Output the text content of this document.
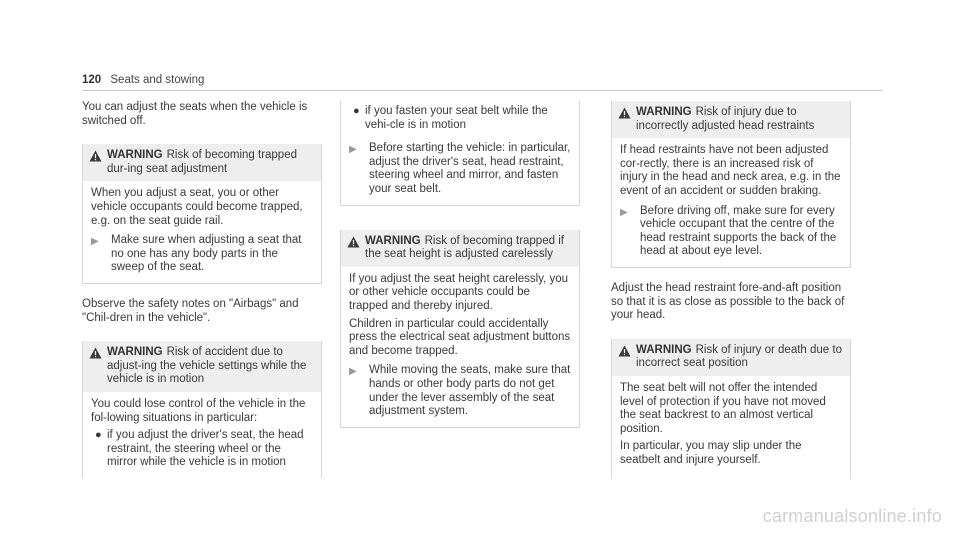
120 Seats and stowing

You can adjust the seats when the vehicle is switched off.

WARNING Risk of becoming trapped dur-ing seat adjustment

When you adjust a seat, you or other vehicle occupants could become trapped, e.g. on the seat guide rail.

▶	Make sure when adjusting a seat that no one has any body parts in the sweep of the seat.

Observe the safety notes on "Airbags" and "Chil-dren in the vehicle".

WARNING Risk of accident due to adjust-ing the vehicle settings while the vehicle is in motion

You could lose control of the vehicle in the fol-lowing situations in particular:

● if you adjust the driver's seat, the head restraint, the steering wheel or the mirror while the vehicle is in motion
● if you fasten your seat belt while the vehi-cle is in motion
▶	Before starting the vehicle: in particular, adjust the driver's seat, head restraint, steering wheel and mirror, and fasten your seat belt.
WARNING Risk of becoming trapped if the seat height is adjusted carelessly

If you adjust the seat height carelessly, you or other vehicle occupants could be trapped and thereby injured.

Children in particular could accidentally press the electrical seat adjustment buttons and become trapped.

▶	While moving the seats, make sure that hands or other body parts do not get under the lever assembly of the seat adjustment system.
WARNING Risk of injury due to incorrectly adjusted head restraints

If head restraints have not been adjusted cor-rectly, there is an increased risk of injury in the head and neck area, e.g. in the event of an accident or sudden braking.

▶	Before driving off, make sure for every vehicle occupant that the centre of the head restraint supports the back of the head at about eye level.

Adjust the head restraint fore-and-aft position so that it is as close as possible to the back of your head.

WARNING Risk of injury or death due to incorrect seat position

The seat belt will not offer the intended level of protection if you have not moved the seat backrest to an almost vertical position.

In particular, you may slip under the seatbelt and injure yourself.

carmanualsonline.info
